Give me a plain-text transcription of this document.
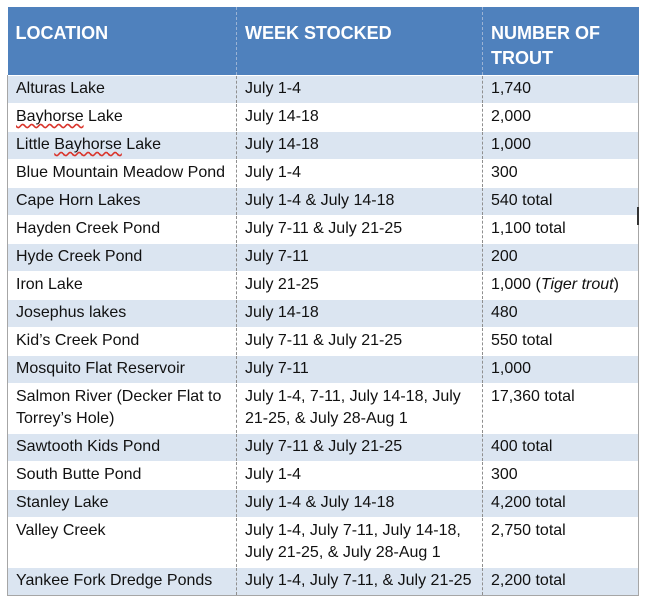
LOCATION	WEEK STOCKED	NUMBER OF TROUT
Alturas Lake	July 1-4	1,740
Bayhorse Lake	July 14-18	2,000
Little Bayhorse Lake	July 14-18	1,000
Blue Mountain Meadow Pond	July 1-4	300
Cape Horn Lakes	July 1-4 & July 14-18	540 total
Hayden Creek Pond	July 7-11 & July 21-25	1,100 total
Hyde Creek Pond	July 7-11	200
Iron Lake	July 21-25	1,000 (Tiger trout)
Josephus lakes	July 14-18	480
Kid’s Creek Pond	July 7-11 & July 21-25	550 total
Mosquito Flat Reservoir	July 7-11	1,000
Salmon River (Decker Flat to Torrey’s Hole)	July 1-4, 7-11, July 14-18, July 21-25, & July 28-Aug 1	17,360 total
Sawtooth Kids Pond	July 7-11 & July 21-25	400 total
South Butte Pond	July 1-4	300
Stanley Lake	July 1-4 & July 14-18	4,200 total
Valley Creek	July 1-4, July 7-11, July 14-18, July 21-25, & July 28-Aug 1	2,750 total
Yankee Fork Dredge Ponds	July 1-4, July 7-11, & July 21-25	2,200 total
